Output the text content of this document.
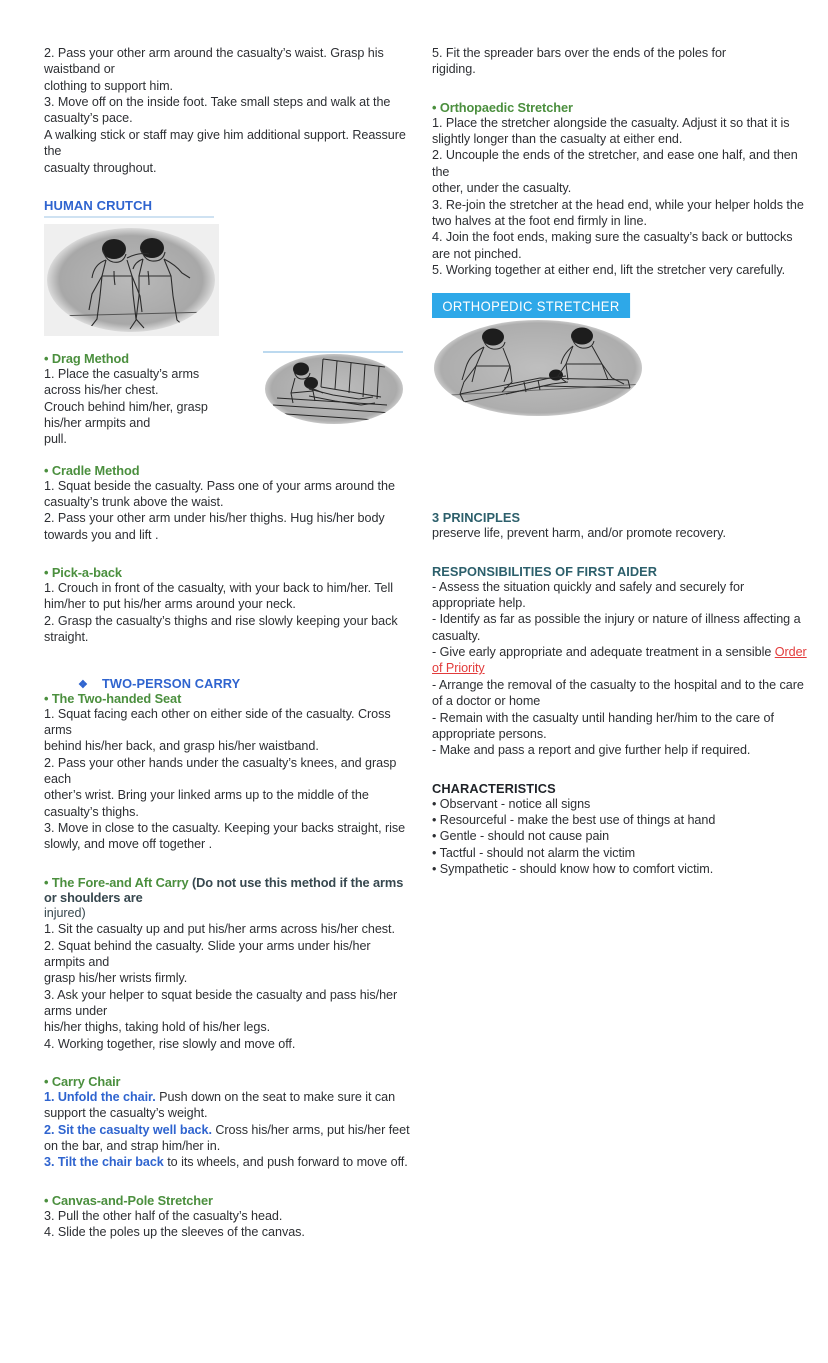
2. Pass your other arm around the casualty’s waist. Grasp his waistband or

clothing to support him.

3. Move off on the inside foot. Take small steps and walk at the casualty’s pace.

A walking stick or staff may give him additional support. Reassure the

casualty throughout.

HUMAN CRUTCH
• Drag Method

1. Place the casualty’s arms

across his/her chest.

Crouch behind him/her, grasp

his/her armpits and

pull.

• Cradle Method

1. Squat beside the casualty. Pass one of your arms around the casualty’s trunk above the waist.

2. Pass your other arm under his/her thighs. Hug his/her body towards you and lift .

• Pick-a-back

1. Crouch in front of the casualty, with your back to him/her. Tell him/her to put his/her arms around your neck.

2. Grasp the casualty’s thighs and rise slowly keeping your back

straight.

❖ TWO-PERSON CARRY
• The Two-handed Seat

1. Squat facing each other on either side of the casualty. Cross arms

behind his/her back, and grasp his/her waistband.

2. Pass your other hands under the casualty’s knees, and grasp each

other’s wrist. Bring your linked arms up to the middle of the casualty’s thighs.

3. Move in close to the casualty. Keeping your backs straight, rise

slowly, and move off together .

• The Fore-and Aft Carry (Do not use this method if the arms or shoulders are

injured)

1. Sit the casualty up and put his/her arms across his/her chest.

2. Squat behind the casualty. Slide your arms under his/her armpits and

grasp his/her wrists firmly.

3. Ask your helper to squat beside the casualty and pass his/her arms under

his/her thighs, taking hold of his/her legs.

4. Working together, rise slowly and move off.

• Carry Chair

1. Unfold the chair. Push down on the seat to make sure it can support the casualty’s weight.

2. Sit the casualty well back. Cross his/her arms, put his/her feet

on the bar, and strap him/her in.

3. Tilt the chair back to its wheels, and push forward to move off.

• Canvas-and-Pole Stretcher

3. Pull the other half of the casualty’s head.

4. Slide the poles up the sleeves of the canvas.

5. Fit the spreader bars over the ends of the poles for

rigiding.

• Orthopaedic Stretcher

1. Place the stretcher alongside the casualty. Adjust it so that it is

slightly longer than the casualty at either end.

2. Uncouple the ends of the stretcher, and ease one half, and then the

other, under the casualty.

3. Re-join the stretcher at the head end, while your helper holds the

two halves at the foot end firmly in line.

4. Join the foot ends, making sure the casualty’s back or buttocks are not pinched.

5. Working together at either end, lift the stretcher very carefully.

ORTHOPEDIC STRETCHER
3 PRINCIPLES

preserve life, prevent harm, and/or promote recovery.

RESPONSIBILITIES OF FIRST AIDER

- Assess the situation quickly and safely and securely for appropriate help.

- Identify as far as possible the injury or nature of illness affecting a casualty.

- Give early appropriate and adequate treatment in a sensible Order of Priority

- Arrange the removal of the casualty to the hospital and to the care of a doctor or home

- Remain with the casualty until handing her/him to the care of appropriate persons.

- Make and pass a report and give further help if required.

CHARACTERISTICS

• Observant - notice all signs

• Resourceful - make the best use of things at hand

• Gentle - should not cause pain

• Tactful - should not alarm the victim

• Sympathetic - should know how to comfort victim.
